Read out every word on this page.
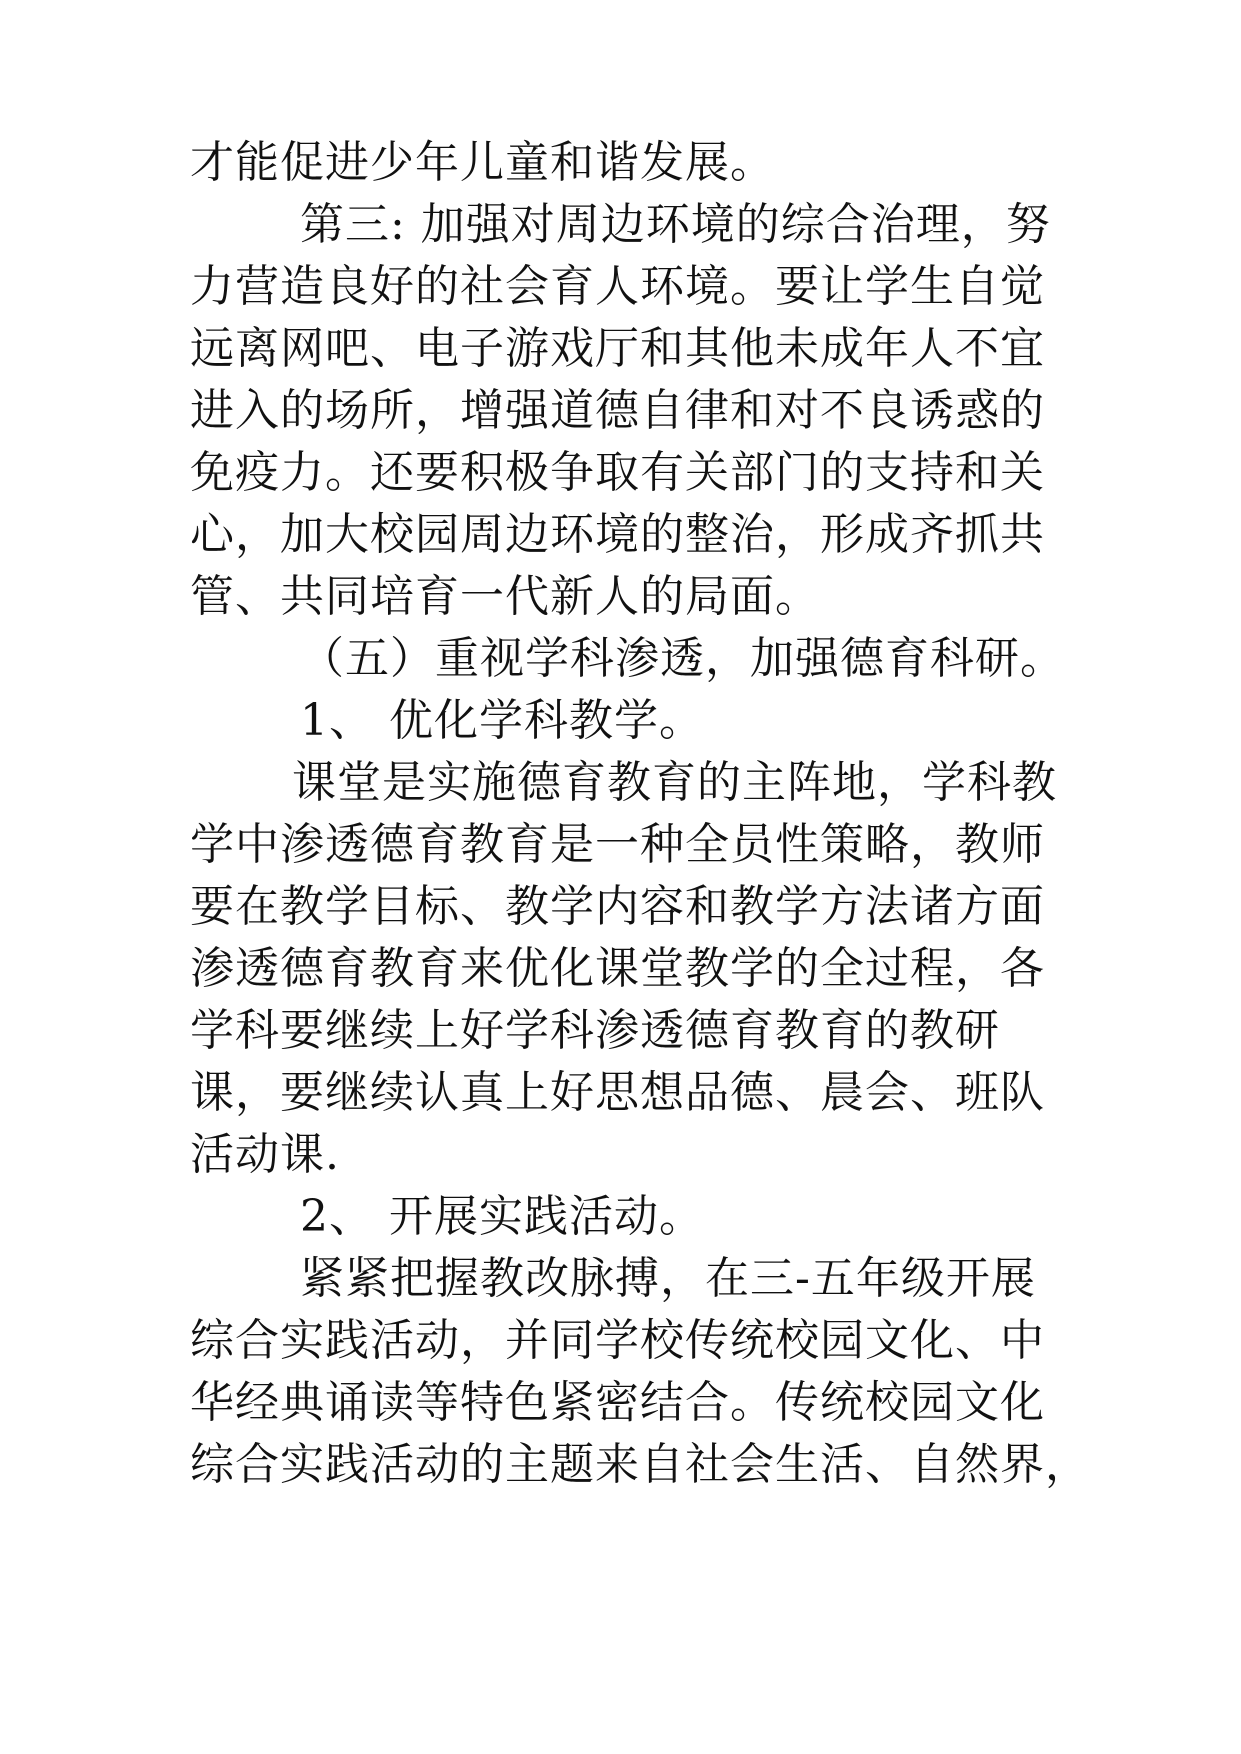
才能促进少年儿童和谐发展。
第三: 加强对周边环境的综合治理，努
力营造良好的社会育人环境。要让学生自觉
远离网吧、电子游戏厅和其他未成年人不宜
进入的场所，增强道德自律和对不良诱惑的
免疫力。还要积极争取有关部门的支持和关
心，加大校园周边环境的整治，形成齐抓共
管、共同培育一代新人的局面。
（五）重视学科渗透，加强德育科研。
1、 优化学科教学。
课堂是实施德育教育的主阵地，学科教
学中渗透德育教育是一种全员性策略，教师
要在教学目标、教学内容和教学方法诸方面
渗透德育教育来优化课堂教学的全过程，各
学科要继续上好学科渗透德育教育的教研
课，要继续认真上好思想品德、晨会、班队
活动课.
2、 开展实践活动。
紧紧把握教改脉搏，在三-五年级开展
综合实践活动，并同学校传统校园文化、中
华经典诵读等特色紧密结合。传统校园文化
综合实践活动的主题来自社会生活、自然界，
